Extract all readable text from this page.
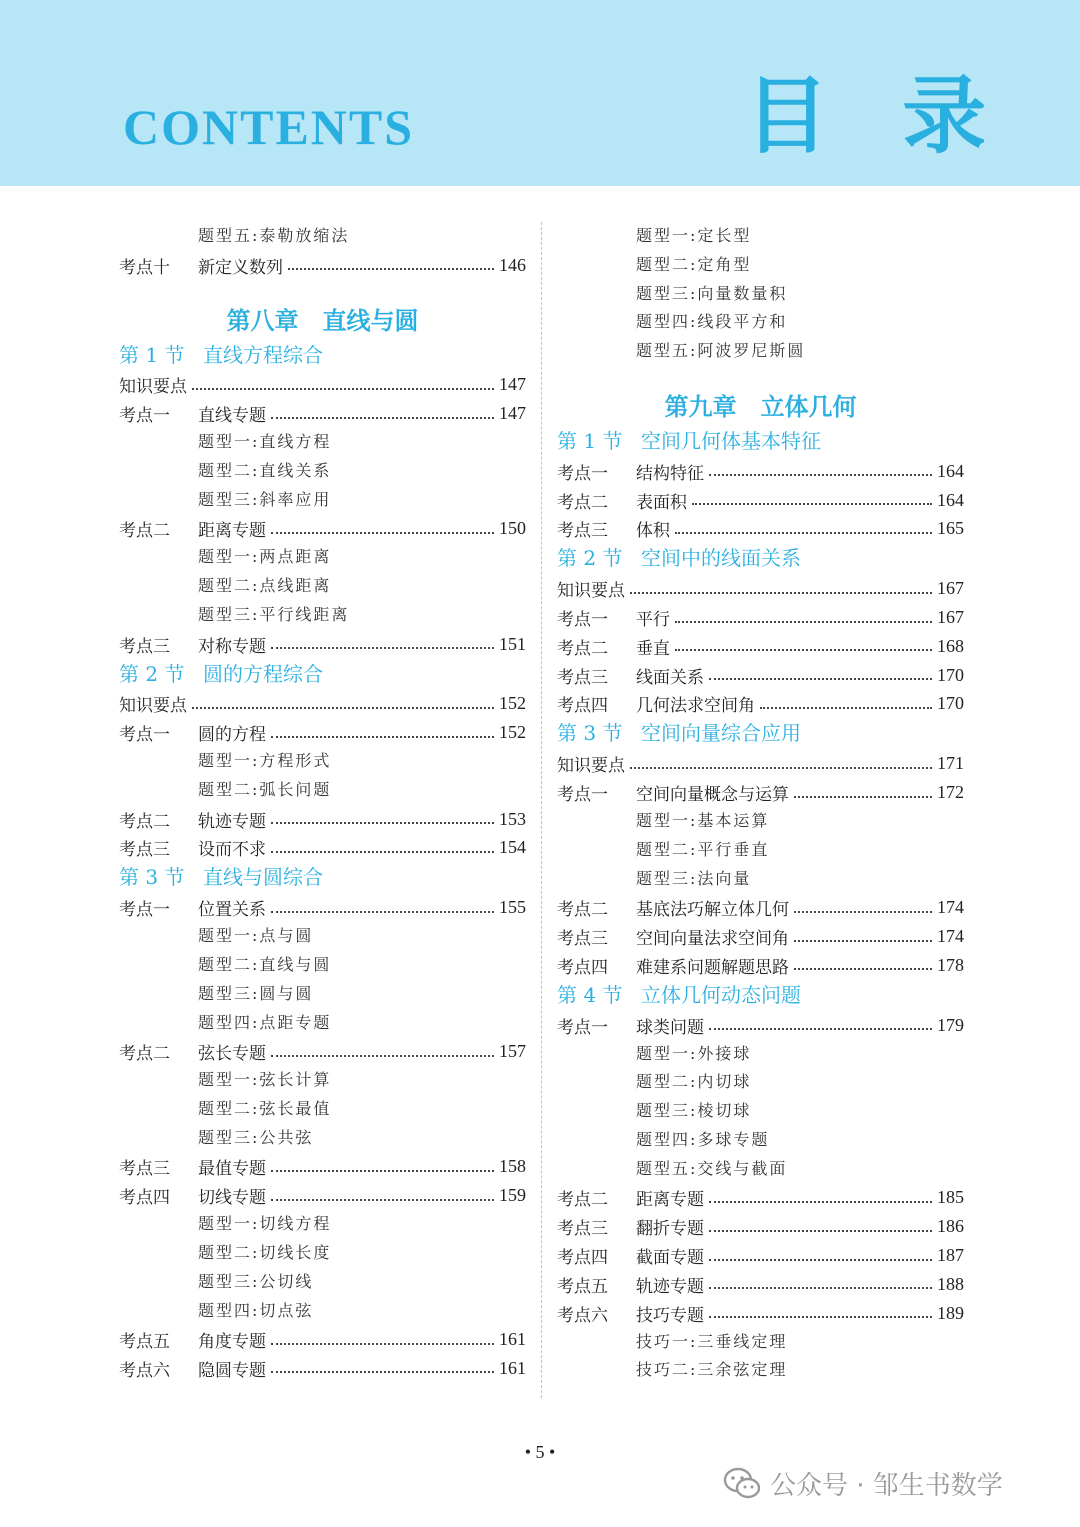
CONTENTS	目 录
题型五:泰勒放缩法
考点十	新定义数列	146
第八章 直线与圆
第 1 节 直线方程综合
知识要点	147
考点一	直线专题	147
题型一:直线方程
题型二:直线关系
题型三:斜率应用
考点二	距离专题	150
题型一:两点距离
题型二:点线距离
题型三:平行线距离
考点三	对称专题	151
第 2 节 圆的方程综合
知识要点	152
考点一	圆的方程	152
题型一:方程形式
题型二:弧长问题
考点二	轨迹专题	153
考点三	设而不求	154
第 3 节 直线与圆综合
考点一	位置关系	155
题型一:点与圆
题型二:直线与圆
题型三:圆与圆
题型四:点距专题
考点二	弦长专题	157
题型一:弦长计算
题型二:弦长最值
题型三:公共弦
考点三	最值专题	158
考点四	切线专题	159
题型一:切线方程
题型二:切线长度
题型三:公切线
题型四:切点弦
考点五	角度专题	161
考点六	隐圆专题	161
题型一:定长型
题型二:定角型
题型三:向量数量积
题型四:线段平方和
题型五:阿波罗尼斯圆
第九章 立体几何
第 1 节 空间几何体基本特征
考点一	结构特征	164
考点二	表面积	164
考点三	体积	165
第 2 节 空间中的线面关系
知识要点	167
考点一	平行	167
考点二	垂直	168
考点三	线面关系	170
考点四	几何法求空间角	170
第 3 节 空间向量综合应用
知识要点	171
考点一	空间向量概念与运算	172
题型一:基本运算
题型二:平行垂直
题型三:法向量
考点二	基底法巧解立体几何	174
考点三	空间向量法求空间角	174
考点四	难建系问题解题思路	178
第 4 节 立体几何动态问题
考点一	球类问题	179
题型一:外接球
题型二:内切球
题型三:棱切球
题型四:多球专题
题型五:交线与截面
考点二	距离专题	185
考点三	翻折专题	186
考点四	截面专题	187
考点五	轨迹专题	188
考点六	技巧专题	189
技巧一:三垂线定理
技巧二:三余弦定理
• 5 •
公众号 · 邹生书数学
